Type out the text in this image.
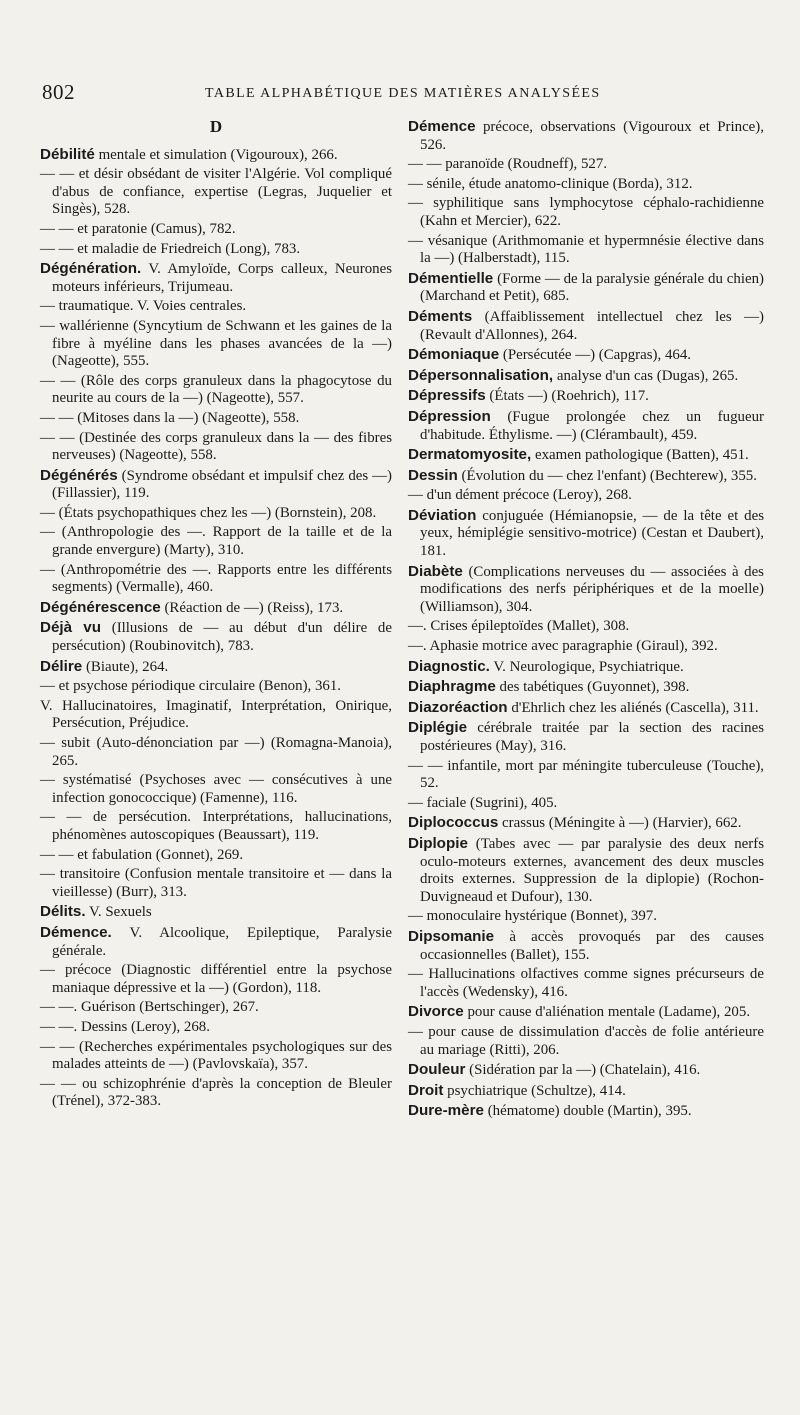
802	TABLE ALPHABÉTIQUE DES MATIÈRES ANALYSÉES
D

Débilité mentale et simulation (Vigouroux), 266.

— — et désir obsédant de visiter l'Algérie. Vol compliqué d'abus de confiance, expertise (Legras, Juquelier et Singès), 528.

— — et paratonie (Camus), 782.

— — et maladie de Friedreich (Long), 783.

Dégénération. V. Amyloïde, Corps calleux, Neurones moteurs inférieurs, Trijumeau.

— traumatique. V. Voies centrales.

— wallérienne (Syncytium de Schwann et les gaines de la fibre à myéline dans les phases avancées de la —) (Nageotte), 555.

— — (Rôle des corps granuleux dans la phagocytose du neurite au cours de la —) (Nageotte), 557.

— — (Mitoses dans la —) (Nageotte), 558.

— — (Destinée des corps granuleux dans la — des fibres nerveuses) (Nageotte), 558.

Dégénérés (Syndrome obsédant et impulsif chez des —) (Fillassier), 119.

— (États psychopathiques chez les —) (Bornstein), 208.

— (Anthropologie des —. Rapport de la taille et de la grande envergure) (Marty), 310.

— (Anthropométrie des —. Rapports entre les différents segments) (Vermalle), 460.

Dégénérescence (Réaction de —) (Reiss), 173.

Déjà vu (Illusions de — au début d'un délire de persécution) (Roubinovitch), 783.

Délire (Biaute), 264.

— et psychose périodique circulaire (Benon), 361.

V. Hallucinatoires, Imaginatif, Interprétation, Onirique, Persécution, Préjudice.

— subit (Auto-dénonciation par —) (Romagna-Manoia), 265.

— systématisé (Psychoses avec — consécutives à une infection gonococcique) (Famenne), 116.

— — de persécution. Interprétations, hallucinations, phénomènes autoscopiques (Beaussart), 119.

— — et fabulation (Gonnet), 269.

— transitoire (Confusion mentale transitoire et — dans la vieillesse) (Burr), 313.

Délits. V. Sexuels

Démence. V. Alcoolique, Epileptique, Paralysie générale.

— précoce (Diagnostic différentiel entre la psychose maniaque dépressive et la —) (Gordon), 118.

— —. Guérison (Bertschinger), 267.

— —. Dessins (Leroy), 268.

— — (Recherches expérimentales psychologiques sur des malades atteints de —) (Pavlovskaïa), 357.

— — ou schizophrénie d'après la conception de Bleuler (Trénel), 372-383.

Démence précoce, observations (Vigouroux et Prince), 526.

— — paranoïde (Roudneff), 527.

— sénile, étude anatomo-clinique (Borda), 312.

— syphilitique sans lymphocytose céphalo-rachidienne (Kahn et Mercier), 622.

— vésanique (Arithmomanie et hypermnésie élective dans la —) (Halberstadt), 115.

Démentielle (Forme — de la paralysie générale du chien) (Marchand et Petit), 685.

Déments (Affaiblissement intellectuel chez les —) (Revault d'Allonnes), 264.

Démoniaque (Persécutée —) (Capgras), 464.

Dépersonnalisation, analyse d'un cas (Dugas), 265.

Dépressifs (États —) (Roehrich), 117.

Dépression (Fugue prolongée chez un fugueur d'habitude. Éthylisme. —) (Clérambault), 459.

Dermatomyosite, examen pathologique (Batten), 451.

Dessin (Évolution du — chez l'enfant) (Bechterew), 355.

— d'un dément précoce (Leroy), 268.

Déviation conjuguée (Hémianopsie, — de la tête et des yeux, hémiplégie sensitivo-motrice) (Cestan et Daubert), 181.

Diabète (Complications nerveuses du — associées à des modifications des nerfs périphériques et de la moelle) (Williamson), 304.

—. Crises épileptoïdes (Mallet), 308.

—. Aphasie motrice avec paragraphie (Giraul), 392.

Diagnostic. V. Neurologique, Psychiatrique.

Diaphragme des tabétiques (Guyonnet), 398.

Diazoréaction d'Ehrlich chez les aliénés (Cascella), 311.

Diplégie cérébrale traitée par la section des racines postérieures (May), 316.

— — infantile, mort par méningite tuberculeuse (Touche), 52.

— faciale (Sugrini), 405.

Diplococcus crassus (Méningite à —) (Harvier), 662.

Diplopie (Tabes avec — par paralysie des deux nerfs oculo-moteurs externes, avancement des deux muscles droits externes. Suppression de la diplopie) (Rochon-Duvigneaud et Dufour), 130.

— monoculaire hystérique (Bonnet), 397.

Dipsomanie à accès provoqués par des causes occasionnelles (Ballet), 155.

— Hallucinations olfactives comme signes précurseurs de l'accès (Wedensky), 416.

Divorce pour cause d'aliénation mentale (Ladame), 205.

— pour cause de dissimulation d'accès de folie antérieure au mariage (Ritti), 206.

Douleur (Sidération par la —) (Chatelain), 416.

Droit psychiatrique (Schultze), 414.

Dure-mère (hématome) double (Martin), 395.
